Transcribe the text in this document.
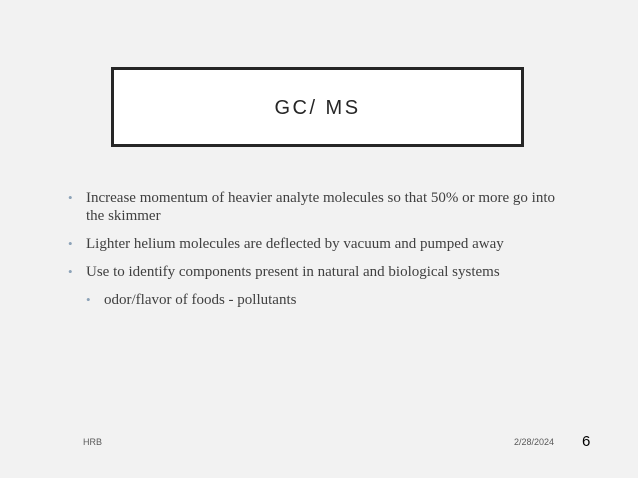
GC/ MS
• Increase momentum of heavier analyte molecules so that 50% or more go into the skimmer
• Lighter helium molecules are deflected by vacuum and pumped away
• Use to identify components present in natural and biological systems
• odor/flavor of foods - pollutants
HRB	2/28/2024 6
